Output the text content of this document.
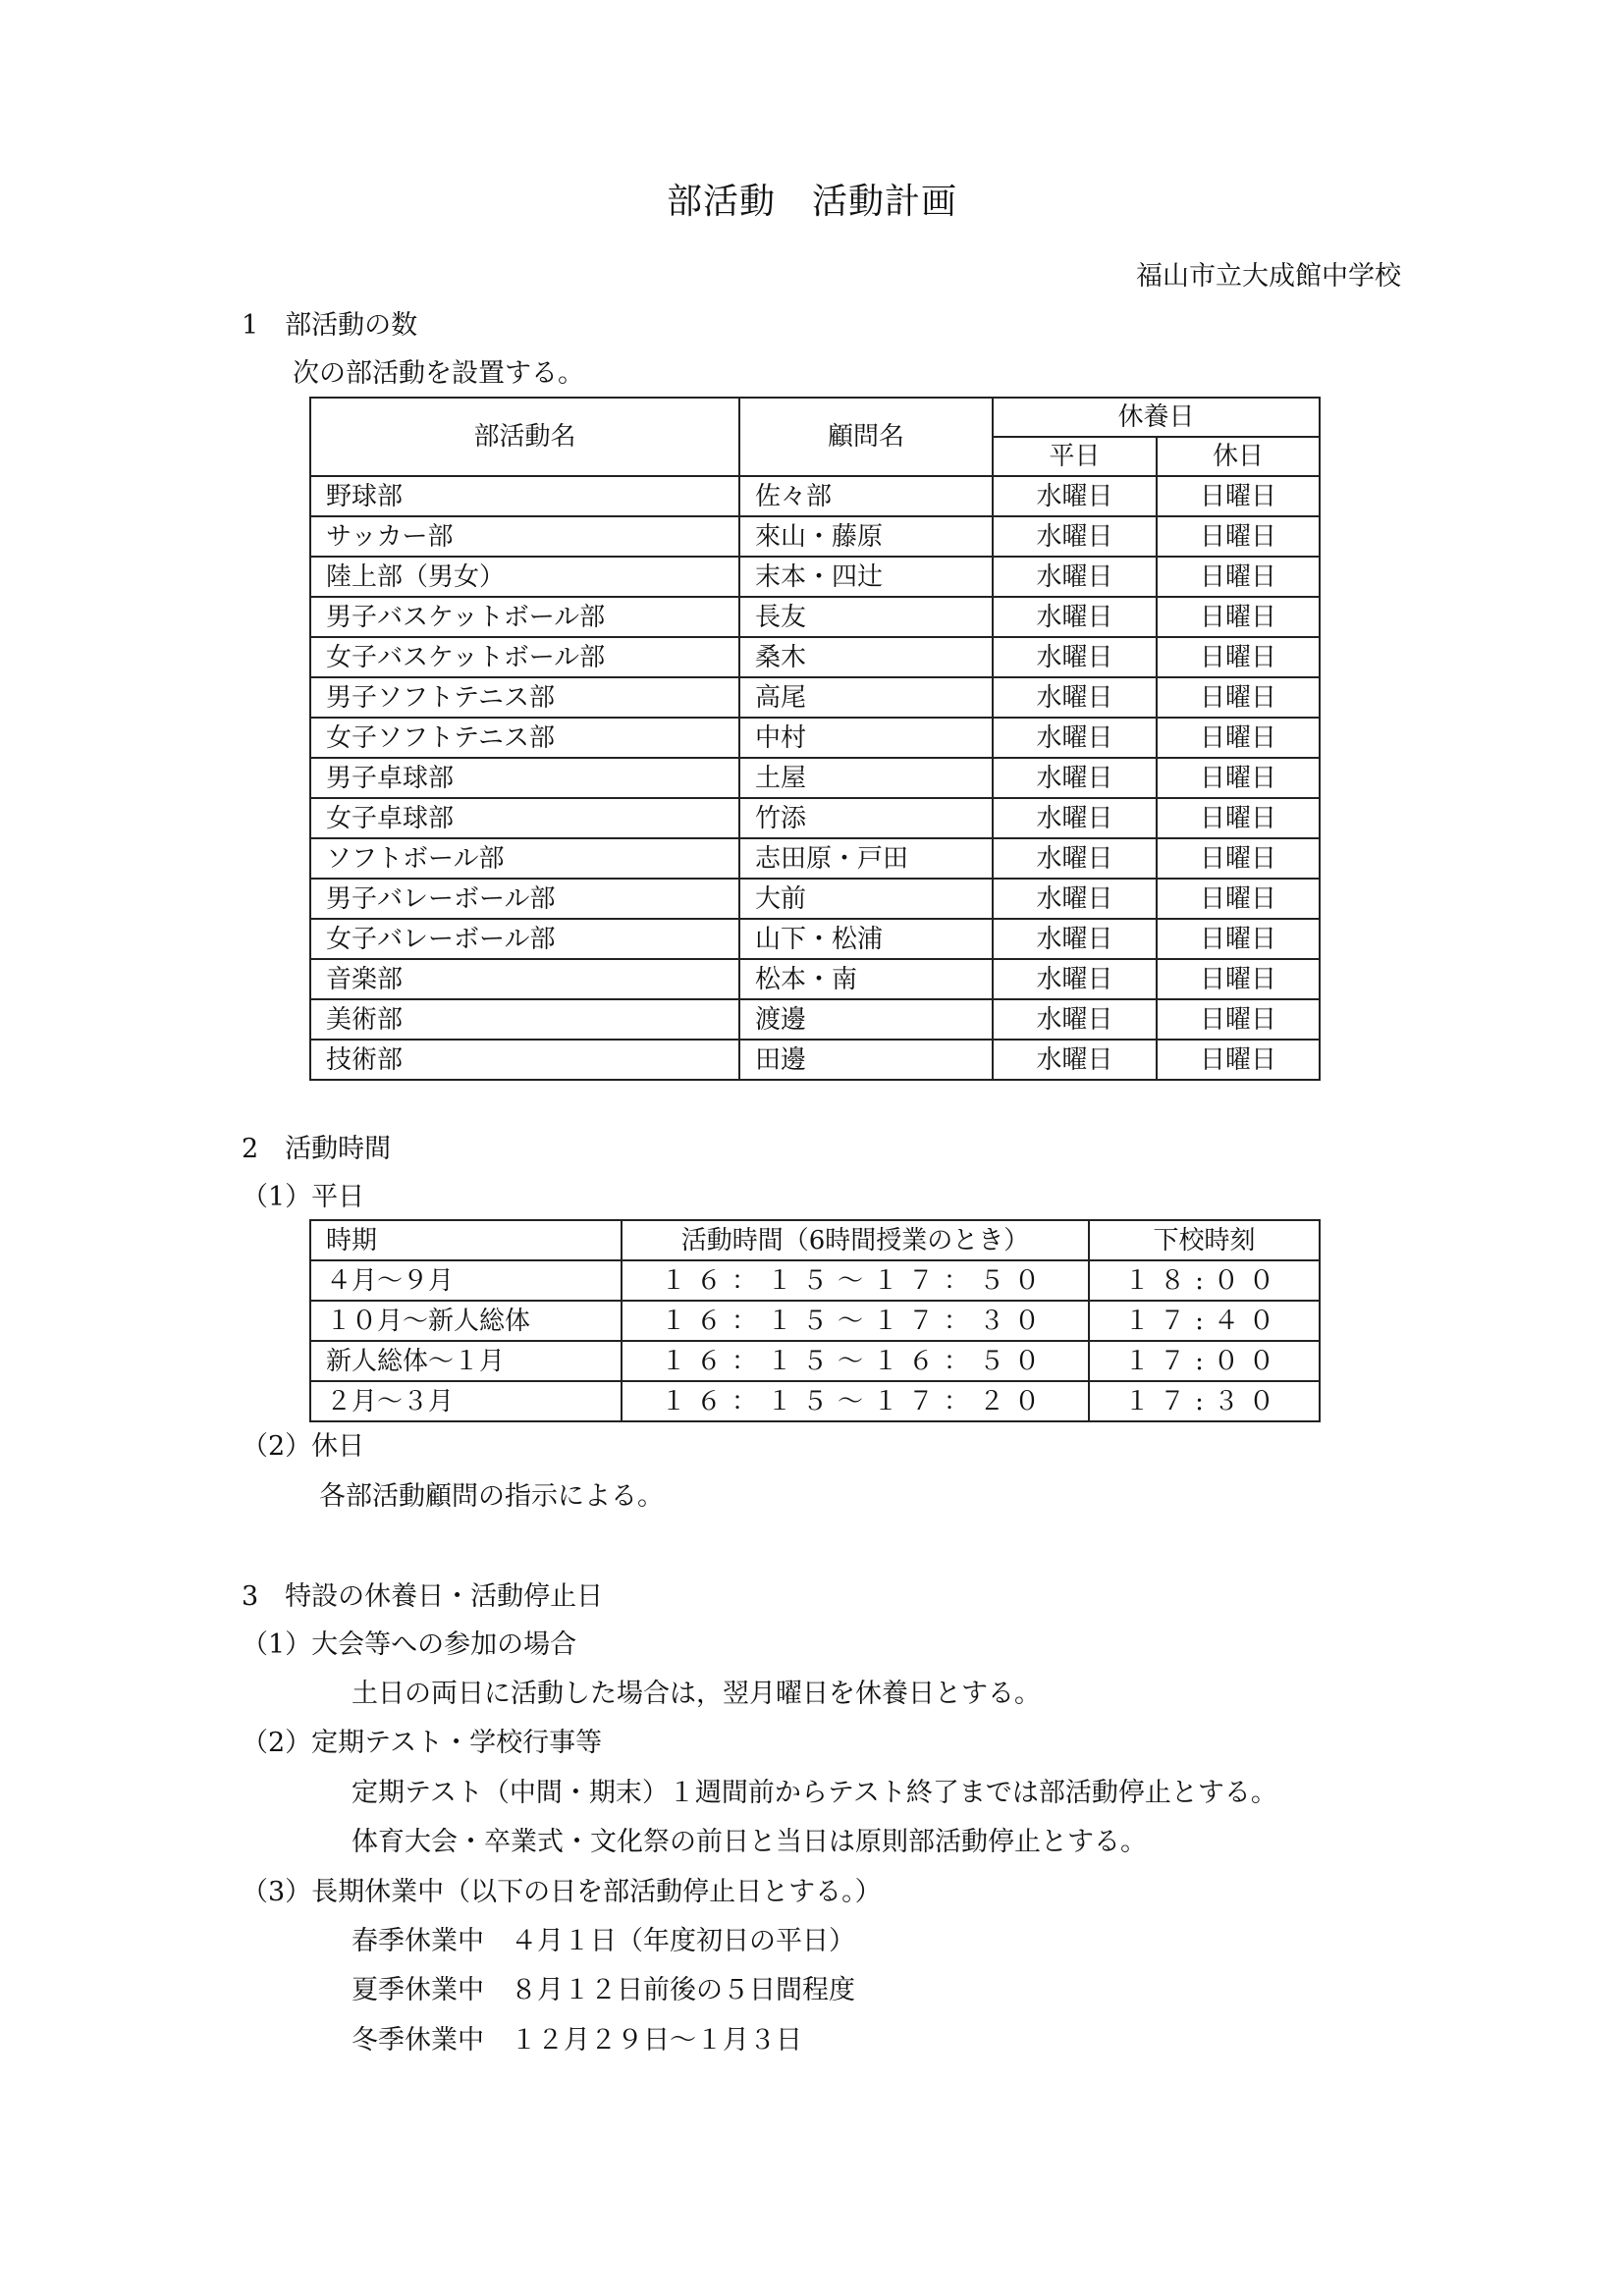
部活動　活動計画
福山市立大成館中学校
1　部活動の数
次の部活動を設置する。
部活動名	顧問名	休養日	
		平日	休日
野球部	佐々部	水曜日	日曜日
サッカー部	來山・藤原	水曜日	日曜日
陸上部（男女）	末本・四辻	水曜日	日曜日
男子バスケットボール部	長友	水曜日	日曜日
女子バスケットボール部	桑木	水曜日	日曜日
男子ソフトテニス部	高尾	水曜日	日曜日
女子ソフトテニス部	中村	水曜日	日曜日
男子卓球部	土屋	水曜日	日曜日
女子卓球部	竹添	水曜日	日曜日
ソフトボール部	志田原・戸田	水曜日	日曜日
男子バレーボール部	大前	水曜日	日曜日
女子バレーボール部	山下・松浦	水曜日	日曜日
音楽部	松本・南	水曜日	日曜日
美術部	渡邊	水曜日	日曜日
技術部	田邊	水曜日	日曜日
2　活動時間
（1）平日
時期	活動時間（6時間授業のとき）	下校時刻
４月～９月	１６：１５～１７：５０	１８:００
１０月～新人総体	１６：１５～１７：３０	１７:４０
新人総体～１月	１６：１５～１６：５０	１７:００
２月～３月	１６：１５～１７：２０	１７:３０
（2）休日
各部活動顧問の指示による。
3　特設の休養日・活動停止日
（1）大会等への参加の場合
土日の両日に活動した場合は，翌月曜日を休養日とする。
（2）定期テスト・学校行事等
定期テスト（中間・期末）１週間前からテスト終了までは部活動停止とする。
体育大会・卒業式・文化祭の前日と当日は原則部活動停止とする。
（3）長期休業中（以下の日を部活動停止日とする。）
春季休業中　４月１日（年度初日の平日）
夏季休業中　８月１２日前後の５日間程度
冬季休業中　１２月２９日～１月３日
